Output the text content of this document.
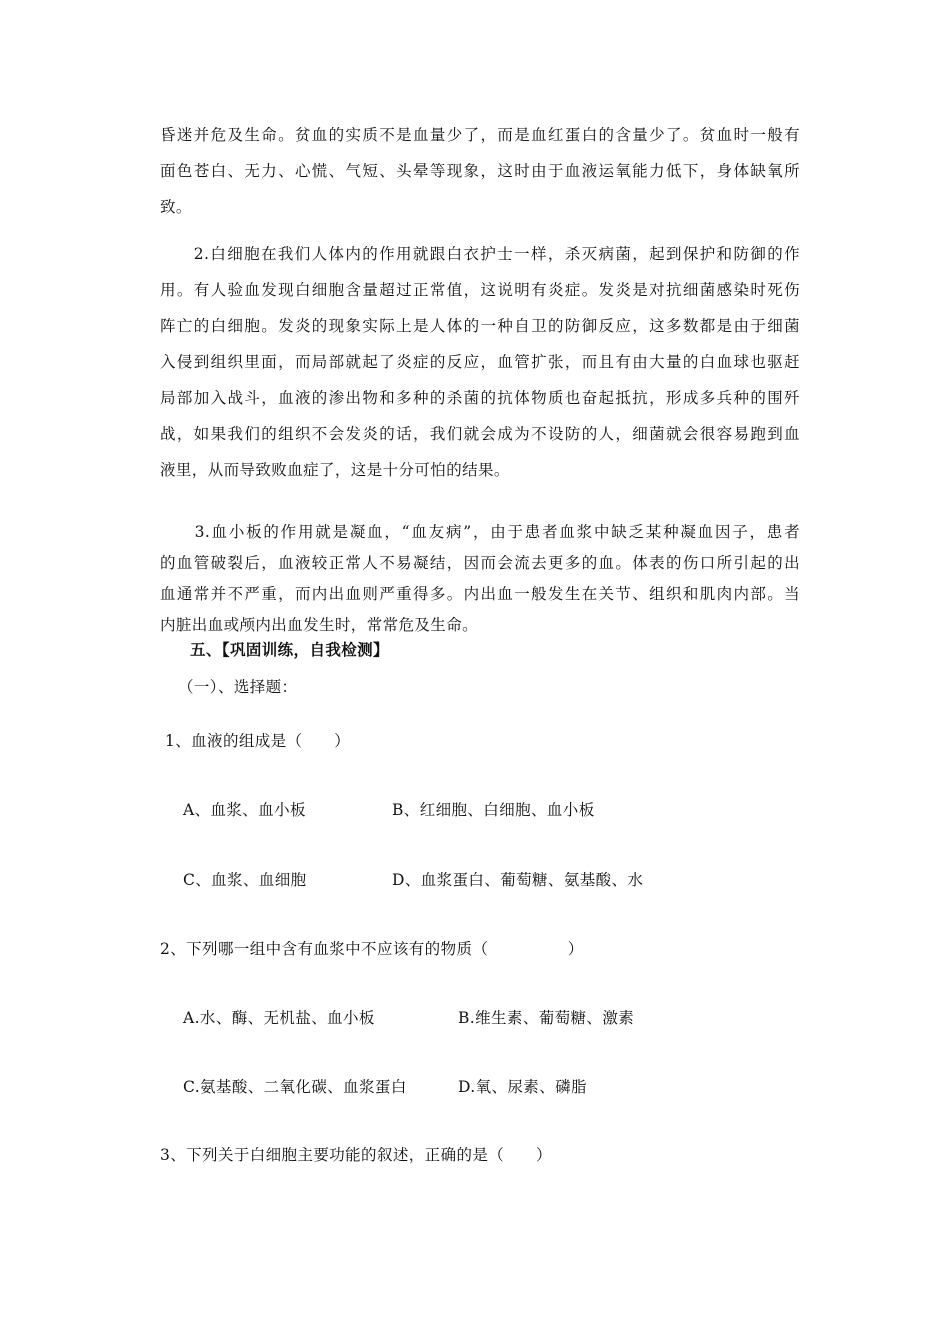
昏迷并危及生命。贫血的实质不是血量少了，而是血红蛋白的含量少了。贫血时一般有
面色苍白、无力、心慌、气短、头晕等现象，这时由于血液运氧能力低下，身体缺氧所
致。
　　2.白细胞在我们人体内的作用就跟白衣护士一样，杀灭病菌，起到保护和防御的作
用。有人验血发现白细胞含量超过正常值，这说明有炎症。发炎是对抗细菌感染时死伤
阵亡的白细胞。发炎的现象实际上是人体的一种自卫的防御反应，这多数都是由于细菌
入侵到组织里面，而局部就起了炎症的反应，血管扩张，而且有由大量的白血球也驱赶
局部加入战斗，血液的渗出物和多种的杀菌的抗体物质也奋起抵抗，形成多兵种的围歼
战，如果我们的组织不会发炎的话，我们就会成为不设防的人，细菌就会很容易跑到血
液里，从而导致败血症了，这是十分可怕的结果。
　　3.血小板的作用就是凝血，“血友病”，由于患者血浆中缺乏某种凝血因子，患者
的血管破裂后，血液较正常人不易凝结，因而会流去更多的血。体表的伤口所引起的出
血通常并不严重，而内出血则严重得多。内出血一般发生在关节、组织和肌肉内部。当
内脏出血或颅内出血发生时，常常危及生命。
五、【巩固训练，自我检测】
（一）、选择题：
1、血液的组成是（　　）
A、血浆、血小板	B、红细胞、白细胞、血小板
C、血浆、血细胞	D、血浆蛋白、葡萄糖、氨基酸、水
2、下列哪一组中含有血浆中不应该有的物质（　　　　　）
A.水、酶、无机盐、血小板	B.维生素、葡萄糖、激素
C.氨基酸、二氧化碳、血浆蛋白	D.氧、尿素、磷脂
3、下列关于白细胞主要功能的叙述，正确的是（　　）
